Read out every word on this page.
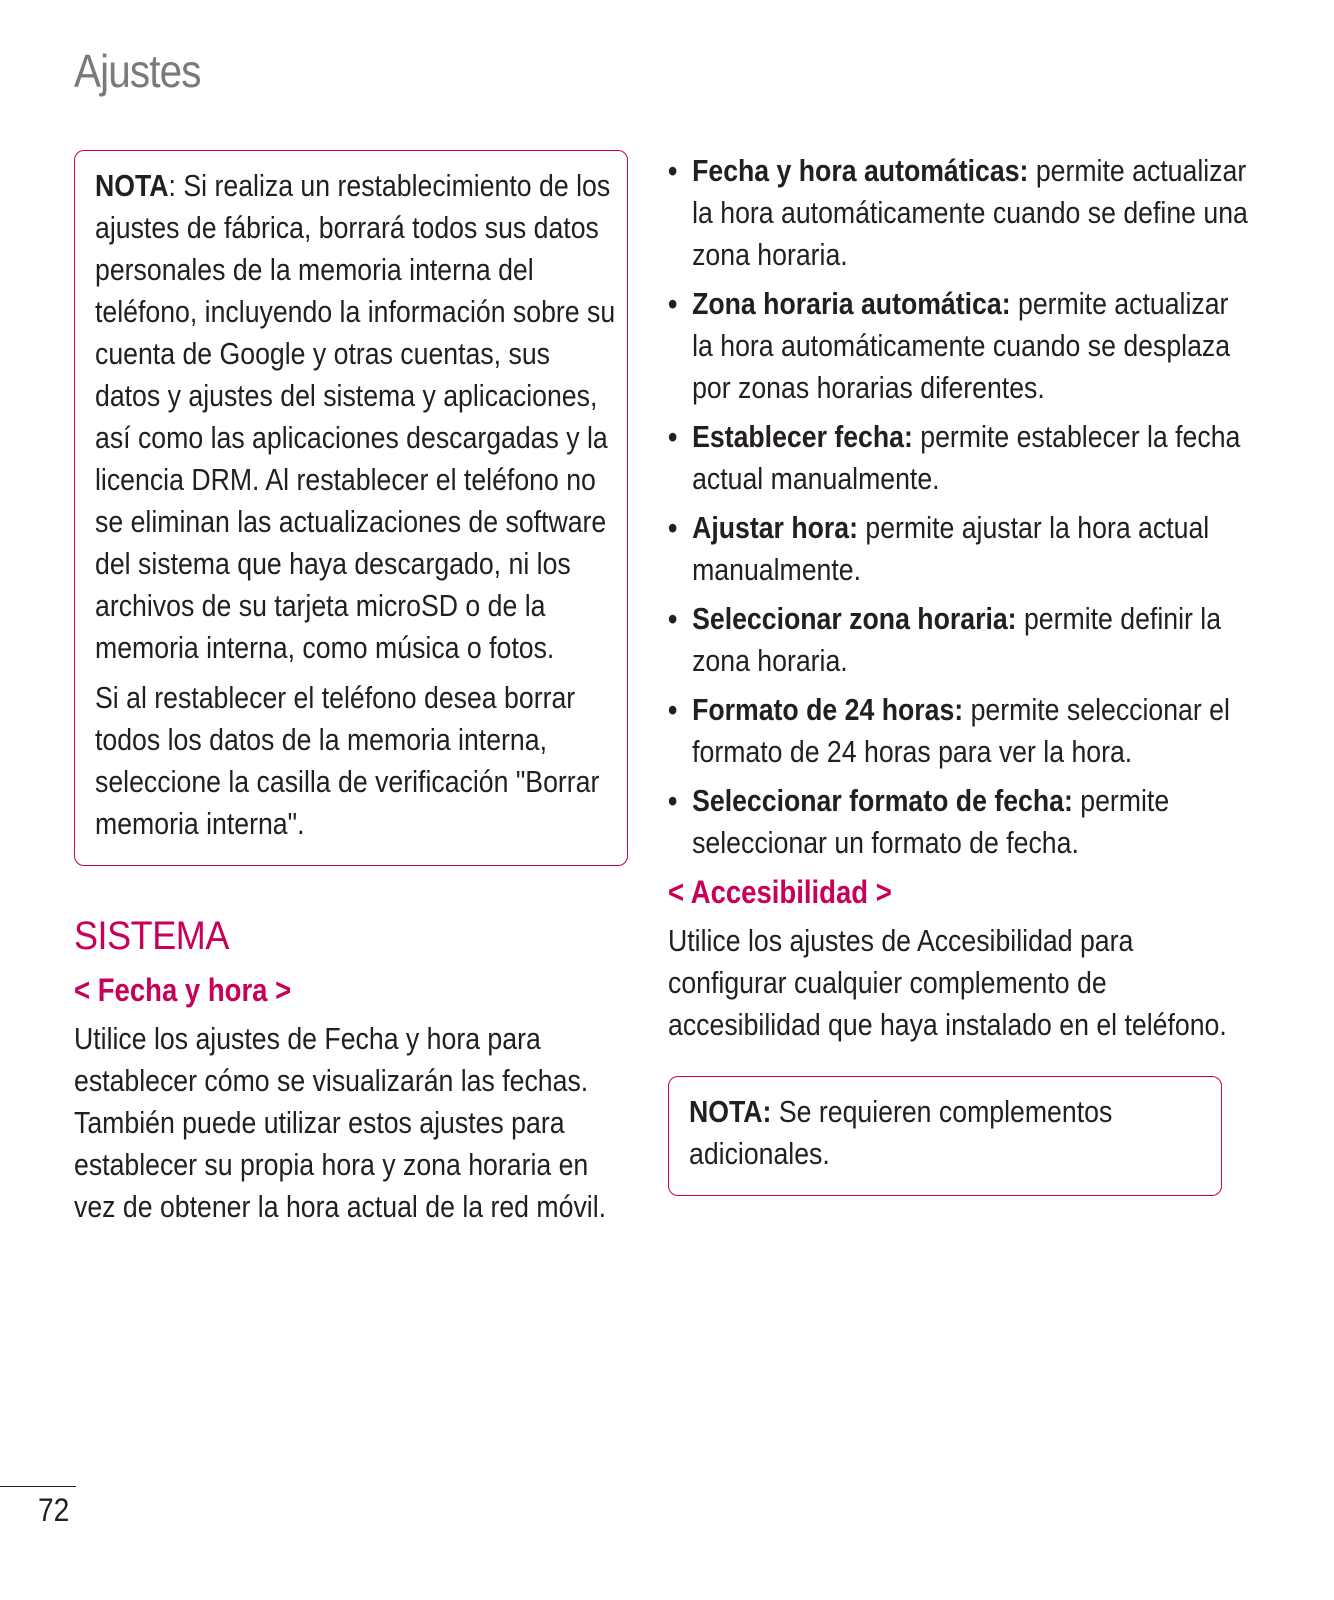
Ajustes

NOTA: Si realiza un restablecimiento de los ajustes de fábrica, borrará todos sus datos personales de la memoria interna del teléfono, incluyendo la información sobre su cuenta de Google y otras cuentas, sus datos y ajustes del sistema y aplicaciones, así como las aplicaciones descargadas y la licencia DRM. Al restablecer el teléfono no se eliminan las actualizaciones de software del sistema que haya descargado, ni los archivos de su tarjeta microSD o de la memoria interna, como música o fotos.

Si al restablecer el teléfono desea borrar todos los datos de la memoria interna, seleccione la casilla de verificación "Borrar memoria interna".

SISTEMA
< Fecha y hora >

Utilice los ajustes de Fecha y hora para establecer cómo se visualizarán las fechas. También puede utilizar estos ajustes para establecer su propia hora y zona horaria en vez de obtener la hora actual de la red móvil.

• Fecha y hora automáticas: permite actualizar la hora automáticamente cuando se define una zona horaria.
• Zona horaria automática: permite actualizar la hora automáticamente cuando se desplaza por zonas horarias diferentes.
• Establecer fecha: permite establecer la fecha actual manualmente.
• Ajustar hora: permite ajustar la hora actual manualmente.
• Seleccionar zona horaria: permite definir la zona horaria.
• Formato de 24 horas: permite seleccionar el formato de 24 horas para ver la hora.
• Seleccionar formato de fecha: permite seleccionar un formato de fecha.
< Accesibilidad >

Utilice los ajustes de Accesibilidad para configurar cualquier complemento de accesibilidad que haya instalado en el teléfono.

NOTA: Se requieren complementos adicionales.

72
